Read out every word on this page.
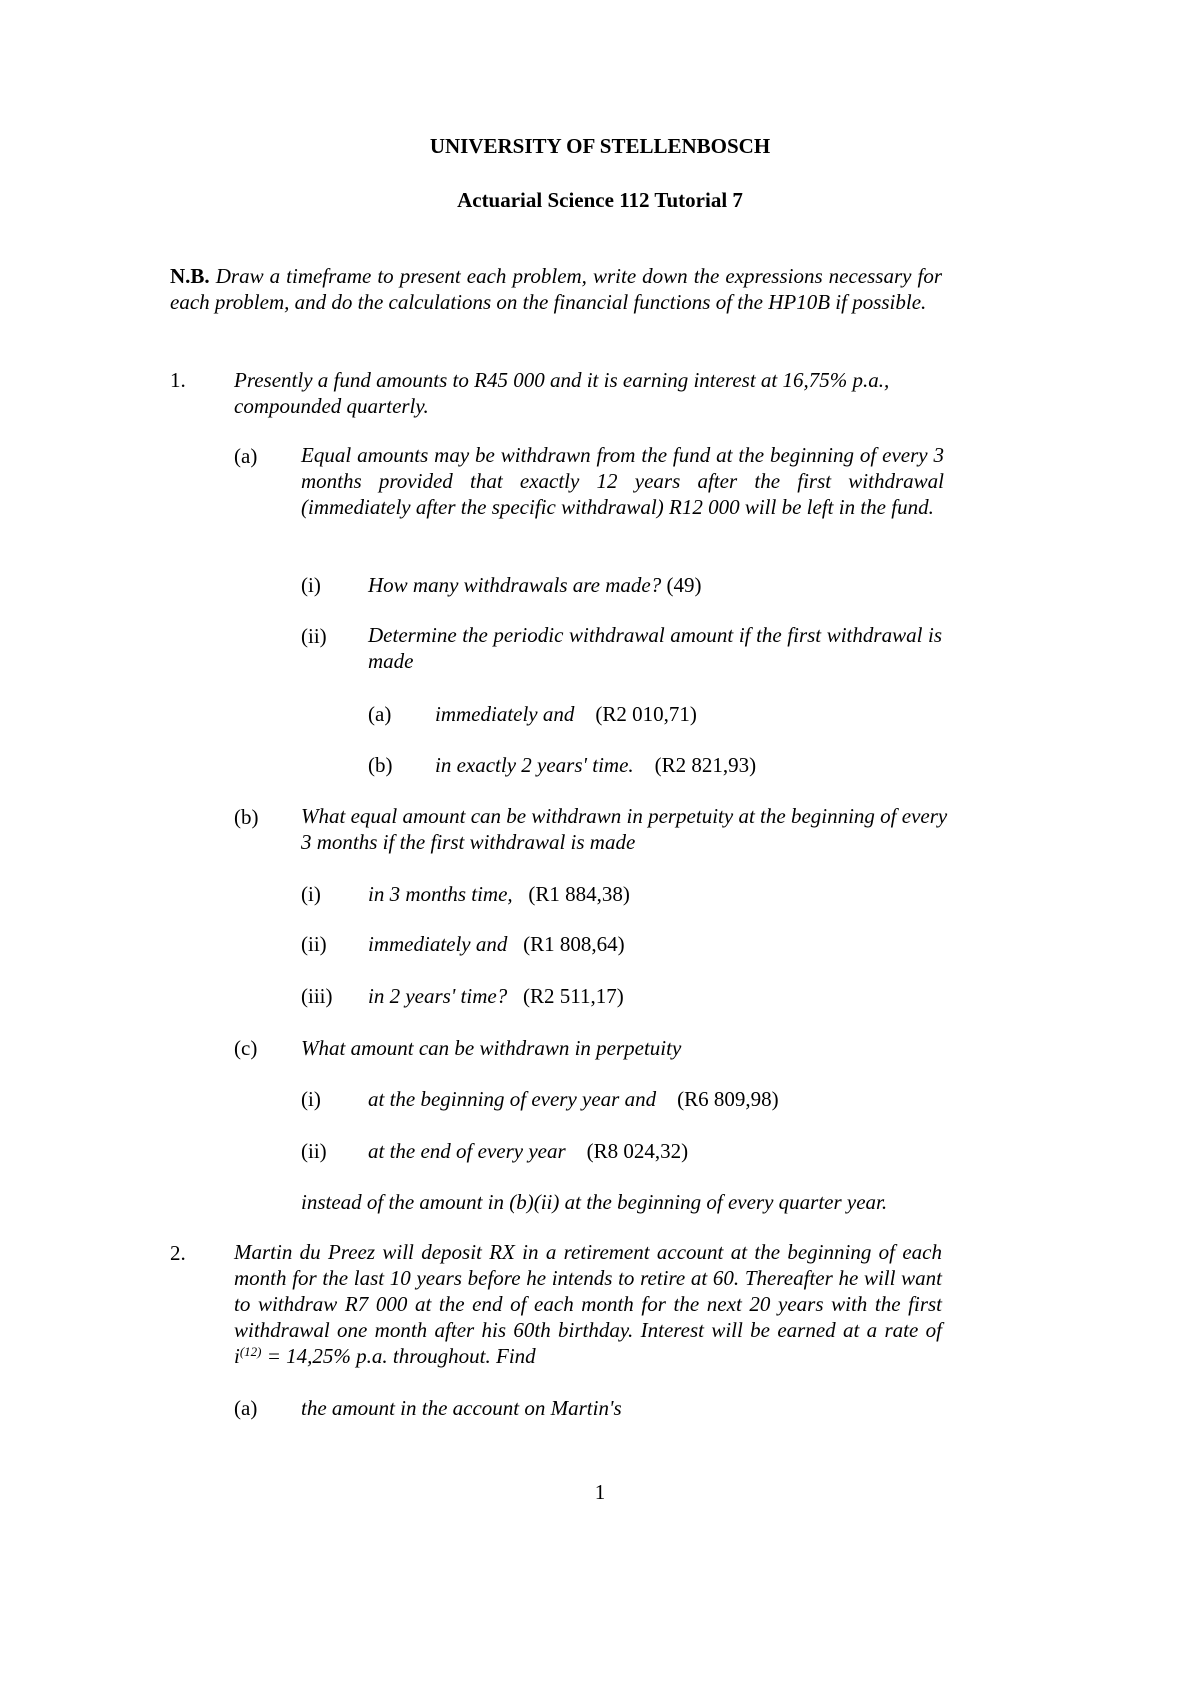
UNIVERSITY OF STELLENBOSCH
Actuarial Science 112 Tutorial 7
N.B. Draw a timeframe to present each problem, write down the expressions necessary for each problem, and do the calculations on the financial functions of the HP10B if possible.
1. Presently a fund amounts to R45 000 and it is earning interest at 16,75% p.a.,
compounded quarterly.
(a) Equal amounts may be withdrawn from the fund at the beginning of every 3 months provided that exactly 12 years after the first withdrawal (immediately after the specific withdrawal) R12 000 will be left in the fund.
(i) How many withdrawals are made? (49)
(ii) Determine the periodic withdrawal amount if the first withdrawal is made
(a) immediately and (R2 010,71)
(b) in exactly 2 years' time. (R2 821,93)
(b) What equal amount can be withdrawn in perpetuity at the beginning of every 3 months if the first withdrawal is made
(i) in 3 months time, (R1 884,38)
(ii) immediately and (R1 808,64)
(iii) in 2 years' time? (R2 511,17)
(c) What amount can be withdrawn in perpetuity
(i) at the beginning of every year and (R6 809,98)
(ii) at the end of every year (R8 024,32)
instead of the amount in (b)(ii) at the beginning of every quarter year.
2. Martin du Preez will deposit RX in a retirement account at the beginning of each month for the last 10 years before he intends to retire at 60. Thereafter he will want to withdraw R7 000 at the end of each month for the next 20 years with the first withdrawal one month after his 60th birthday. Interest will be earned at a rate of $i^{(12)} = 14,25\%$ p.a. throughout. Find
(a) the amount in the account on Martin's
1
